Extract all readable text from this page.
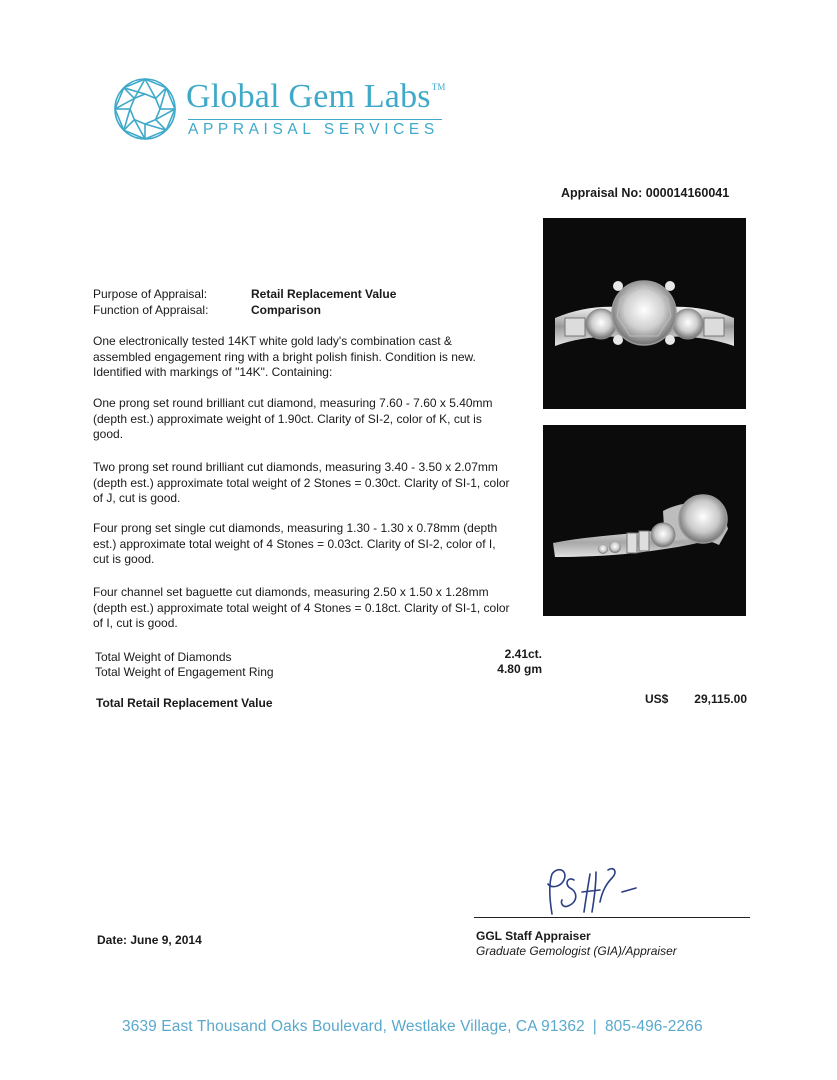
Global Gem Labs™
APPRAISAL SERVICES
Appraisal No: 000014160041
Purpose of Appraisal:	Retail Replacement Value
Function of Appraisal:	Comparison

One electronically tested 14KT white gold lady's combination cast & assembled engagement ring with a bright polish finish. Condition is new. Identified with markings of "14K". Containing:

One prong set round brilliant cut diamond, measuring 7.60 - 7.60 x 5.40mm (depth est.) approximate weight of 1.90ct. Clarity of SI-2, color of K, cut is good.

Two prong set round brilliant cut diamonds, measuring 3.40 - 3.50 x 2.07mm (depth est.) approximate total weight of 2 Stones = 0.30ct. Clarity of SI-1, color of J, cut is good.

Four prong set single cut diamonds, measuring 1.30 - 1.30 x 0.78mm (depth est.) approximate total weight of 4 Stones = 0.03ct. Clarity of SI-2, color of I, cut is good.

Four channel set baguette cut diamonds, measuring 2.50 x 1.50 x 1.28mm (depth est.) approximate total weight of 4 Stones = 0.18ct. Clarity of SI-1, color of I, cut is good.

Total Weight of Diamonds	2.41ct.
Total Weight of Engagement Ring	4.80 gm
Total Retail Replacement Value	US$	29,115.00
GGL Staff Appraiser
Graduate Gemologist (GIA)/Appraiser
Date: June 9, 2014
3639 East Thousand Oaks Boulevard, Westlake Village, CA 91362 | 805-496-2266
